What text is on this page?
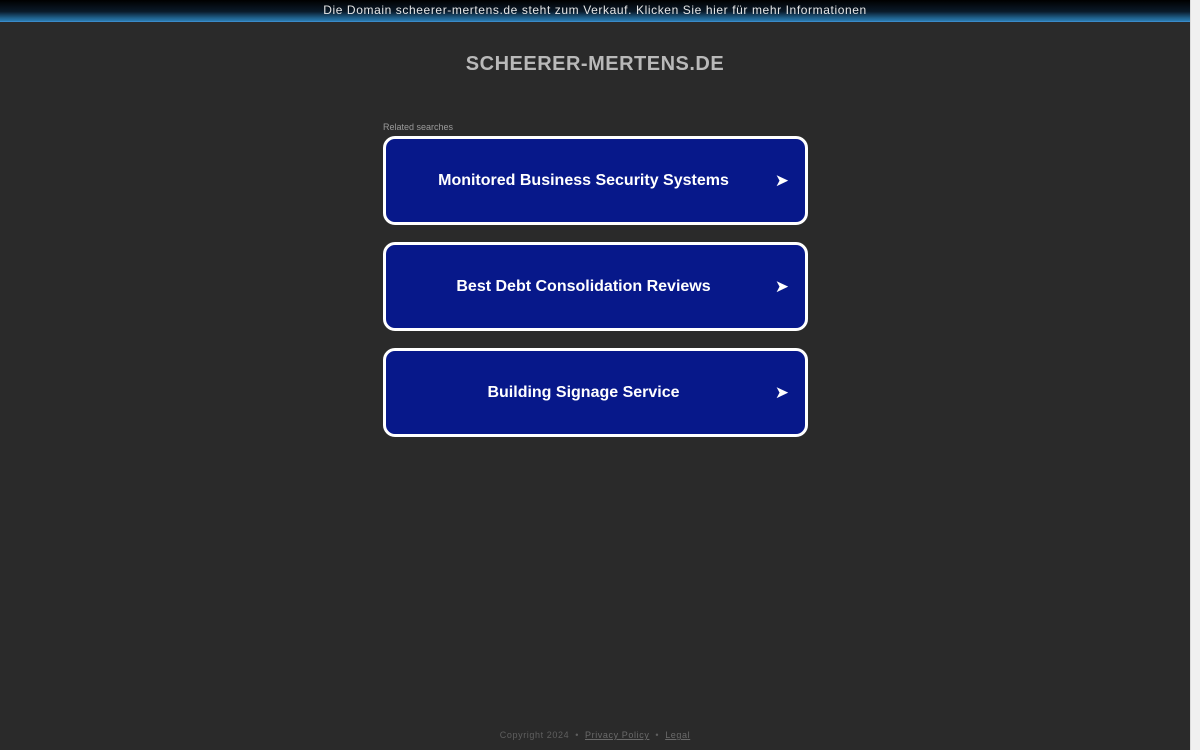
Die Domain scheerer-mertens.de steht zum Verkauf. Klicken Sie hier für mehr Informationen
SCHEERER-MERTENS.DE
Related searches
Monitored Business Security Systems	➤
Best Debt Consolidation Reviews	➤
Building Signage Service	➤
Copyright 2024 • Privacy Policy • Legal
